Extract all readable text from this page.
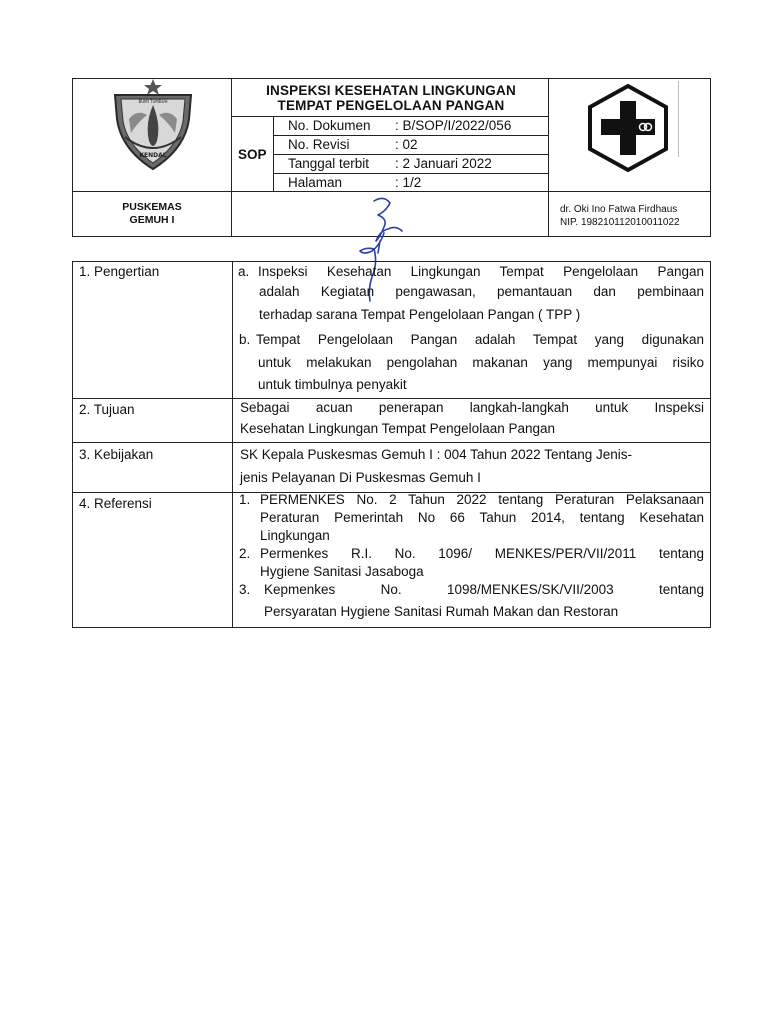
BUMI TUMBUH
KENDAL
INSPEKSI KESEHATAN LINGKUNGAN
TEMPAT PENGELOLAAN PANGAN
SOP
No. Dokumen : B/SOP/I/2022/056
No. Revisi	: 02
Tanggal terbit : 2 Januari 2022
Halaman	: 1/2
PUSKEMAS
GEMUH I
dr. Oki Ino Fatwa Firdhaus
NIP. 198210112010011022
1. Pengertian	a. Inspeksi Kesehatan Lingkungan Tempat Pengelolaan Pangan
adalah Kegiatan pengawasan, pemantauan dan pembinaan
terhadap sarana Tempat Pengelolaan Pangan ( TPP )
b. Tempat Pengelolaan Pangan adalah Tempat yang digunakan
untuk melakukan pengolahan makanan yang mempunyai risiko
untuk timbulnya penyakit
2. Tujuan	Sebagai acuan penerapan langkah-langkah untuk Inspeksi
Kesehatan Lingkungan Tempat Pengelolaan Pangan
3. Kebijakan	SK Kepala Puskesmas Gemuh I : 004 Tahun 2022 Tentang Jenis-
jenis Pelayanan Di Puskesmas Gemuh I
4. Referensi	1. PERMENKES No. 2 Tahun 2022 tentang Peraturan Pelaksanaan
Peraturan Pemerintah No 66 Tahun 2014, tentang Kesehatan
Lingkungan
2. Permenkes R.I. No. 1096/ MENKES/PER/VII/2011 tentang
Hygiene Sanitasi Jasaboga
3. Kepmenkes No. 1098/MENKES/SK/VII/2003 tentang
Persyaratan Hygiene Sanitasi Rumah Makan dan Restoran
